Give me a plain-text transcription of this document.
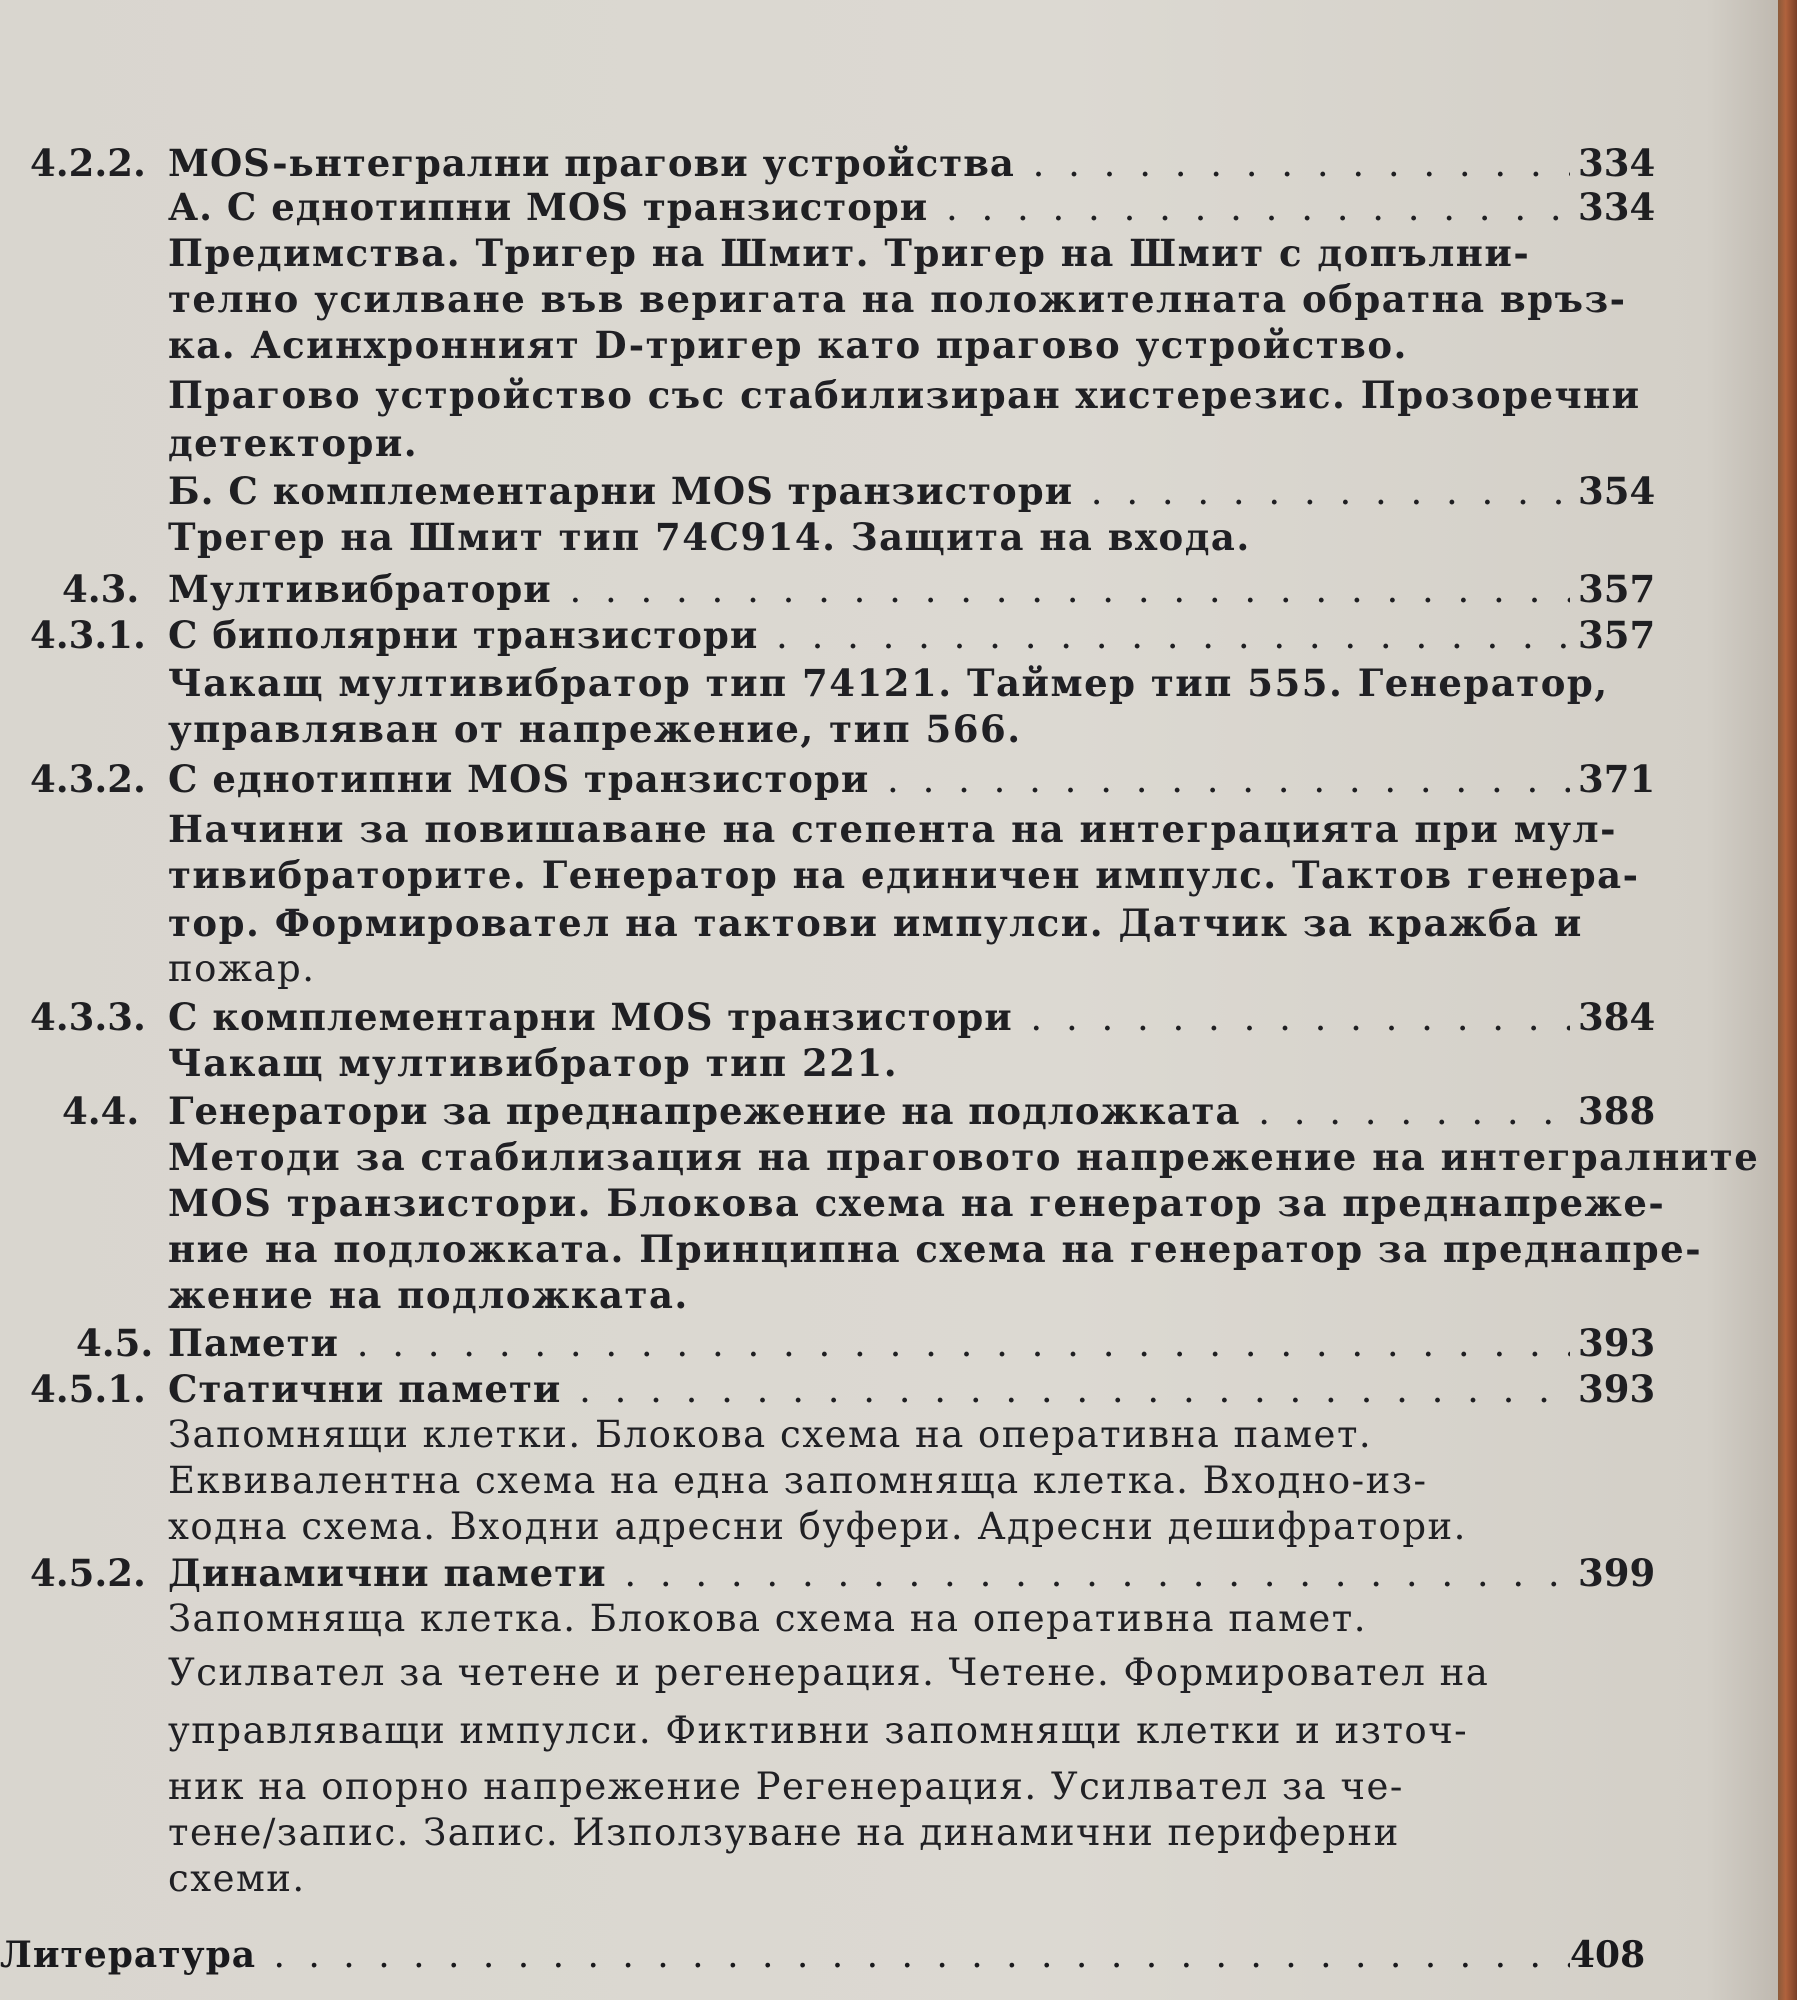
4.2.2. MOS-ьнтегрални прагови устройства . . .	334
А. С еднотипни MOS транзистори . . .	334
Предимства. Тригер на Шмит. Тригер на Шмит с допълни-
телно усилване във веригата на положителната обратна връз-
ка. Асинхронният D-тригер като прагово устройство.
Прагово устройство със стабилизиран хистерезис. Прозоречни
детектори.
Б. С комплементарни MOS транзистори . . .	354
Трегер на Шмит тип 74С914. Защита на входа.
4.3. Мултивибратори . . .	357
4.3.1. С биполярни транзистори . . .	357
Чакащ мултивибратор тип 74121. Таймер тип 555. Генератор,
управляван от напрежение, тип 566.
4.3.2. С еднотипни MOS транзистори . . .	371
Начини за повишаване на степента на интеграцията при мул-
тивибраторите. Генератор на единичен импулс. Тактов генера-
тор. Формировател на тактови импулси. Датчик за кражба и
пожар.
4.3.3. С комплементарни MOS транзистори . . .	384
Чакащ мултивибратор тип 221.
4.4. Генератори за преднапрежение на подложката . . .	388
Методи за стабилизация на праговото напрежение на интегралните
MOS транзистори. Блокова схема на генератор за преднапреже-
ние на подложката. Принципна схема на генератор за преднапре-
жение на подложката.
4.5. Памети . . .	393
4.5.1. Статични памети . . .	393
Запомнящи клетки. Блокова схема на оперативна памет.
Еквивалентна схема на една запомняща клетка. Входно-из-
ходна схема. Входни адресни буфери. Адресни дешифратори.
4.5.2. Динамични памети . . .	399
Запомняща клетка. Блокова схема на оперативна памет.
Усилвател за четене и регенерация. Четене. Формировател на
управляващи импулси. Фиктивни запомнящи клетки и източ-
ник на опорно напрежение Регенерация. Усилвател за че-
тене/запис. Запис. Използуване на динамични периферни
схеми.
Литература . . .	408
